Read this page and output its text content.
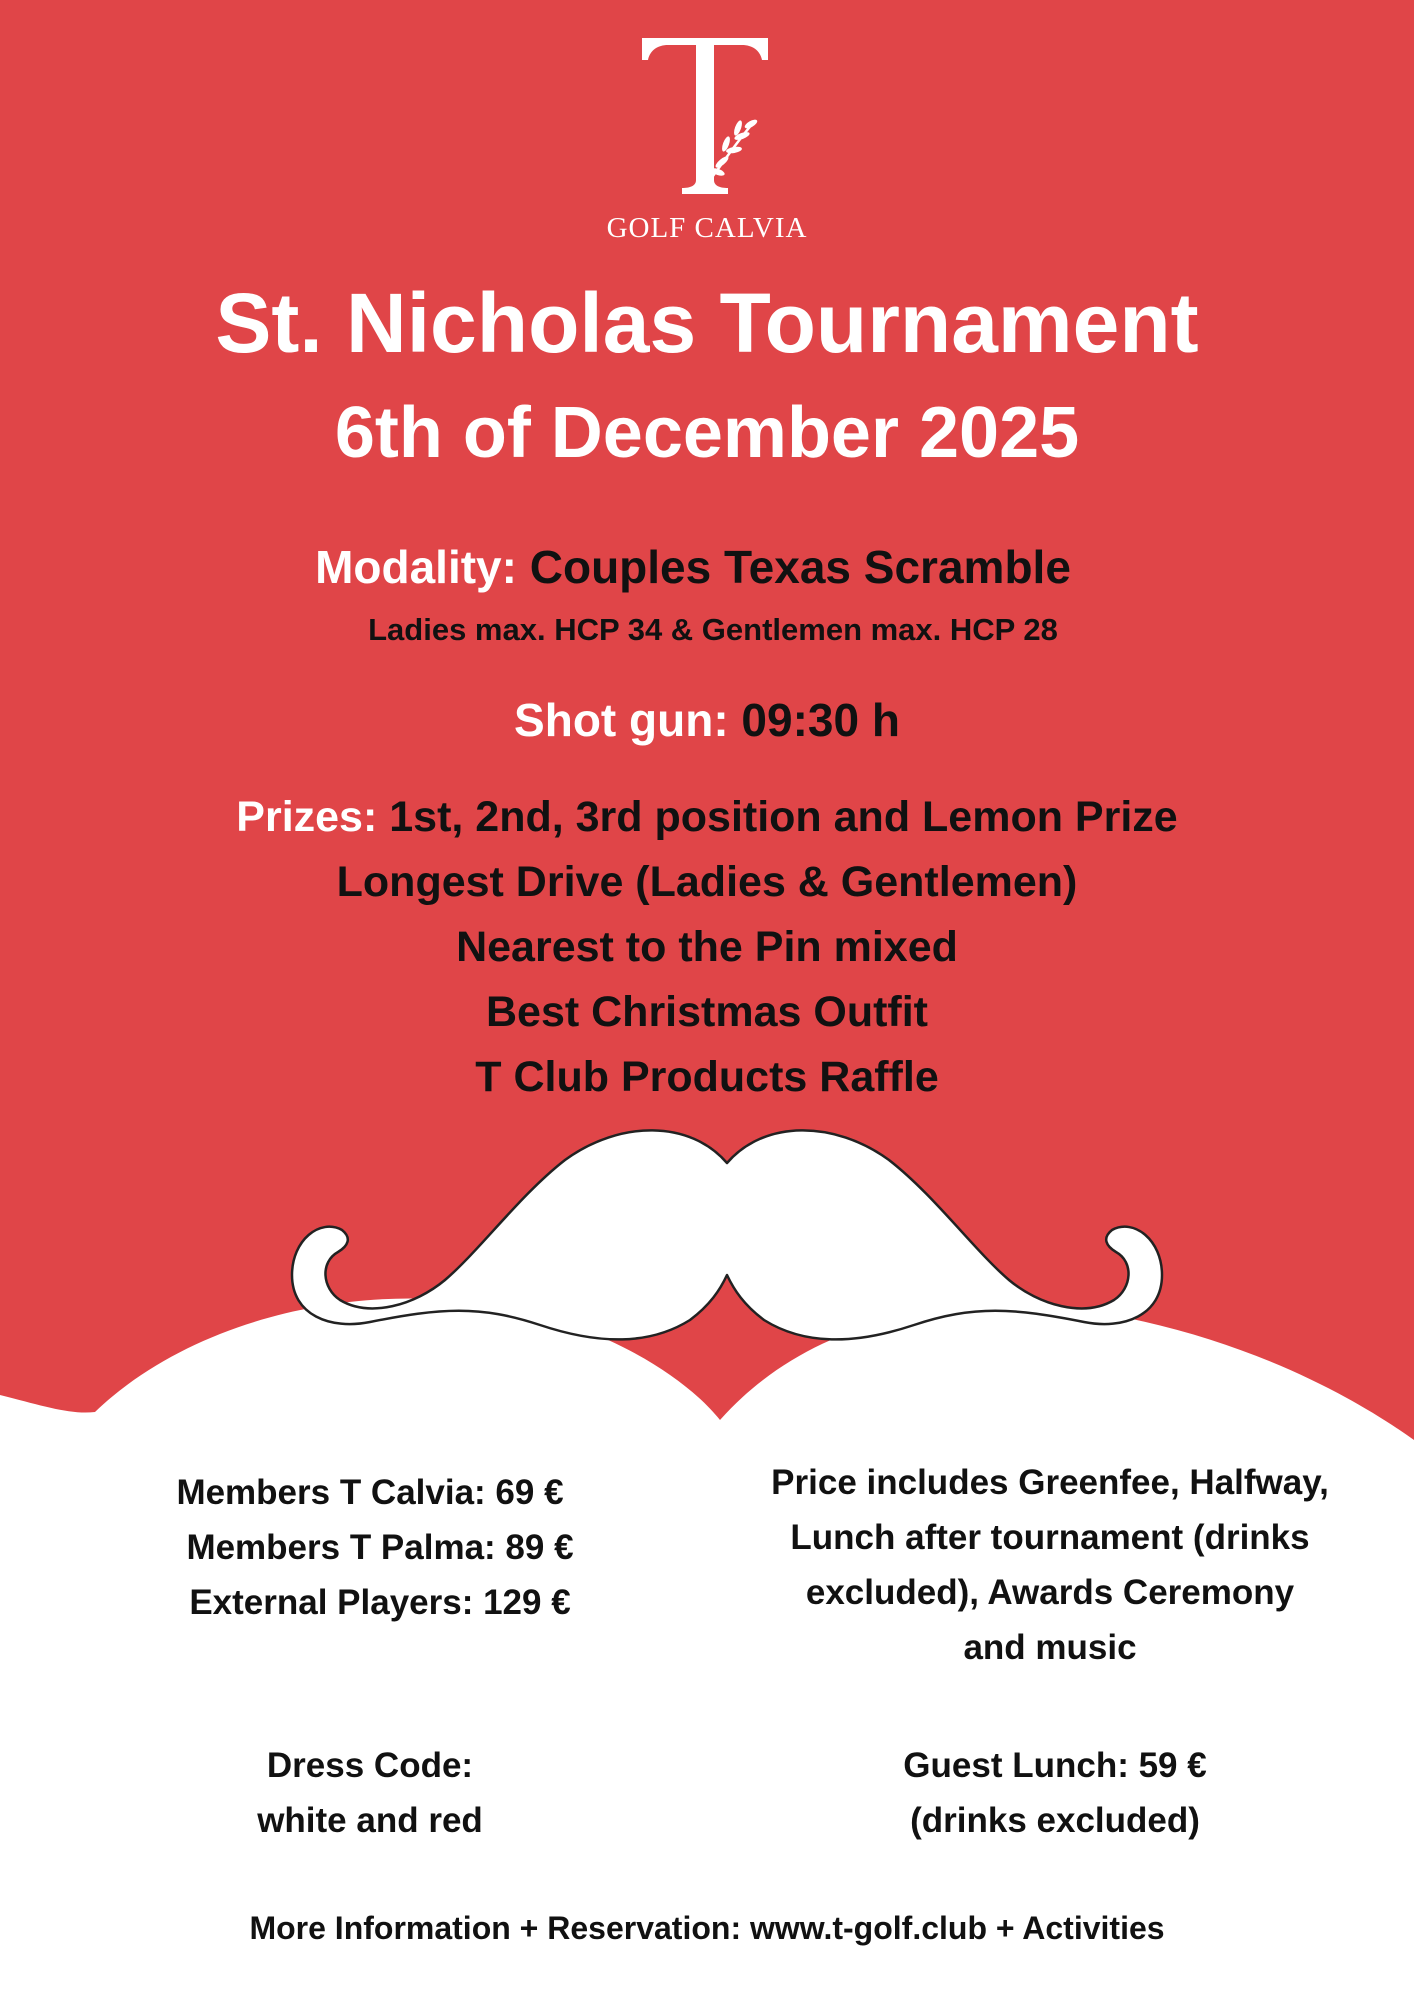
GOLF CALVIA
St. Nicholas Tournament
6th of December 2025
Modality: Couples Texas Scramble
Ladies max. HCP 34 & Gentlemen max. HCP 28
Shot gun: 09:30 h
Prizes: 1st, 2nd, 3rd position and Lemon Prize
Longest Drive (Ladies & Gentlemen)
Nearest to the Pin mixed
Best Christmas Outfit
T Club Products Raffle
Members T Calvia: 69 €
Members T Palma: 89 €
External Players: 129 €
Price includes Greenfee, Halfway,
Lunch after tournament (drinks
excluded), Awards Ceremony
and music
Dress Code:
white and red
Guest Lunch: 59 €
(drinks excluded)
More Information + Reservation: www.t-golf.club + Activities
